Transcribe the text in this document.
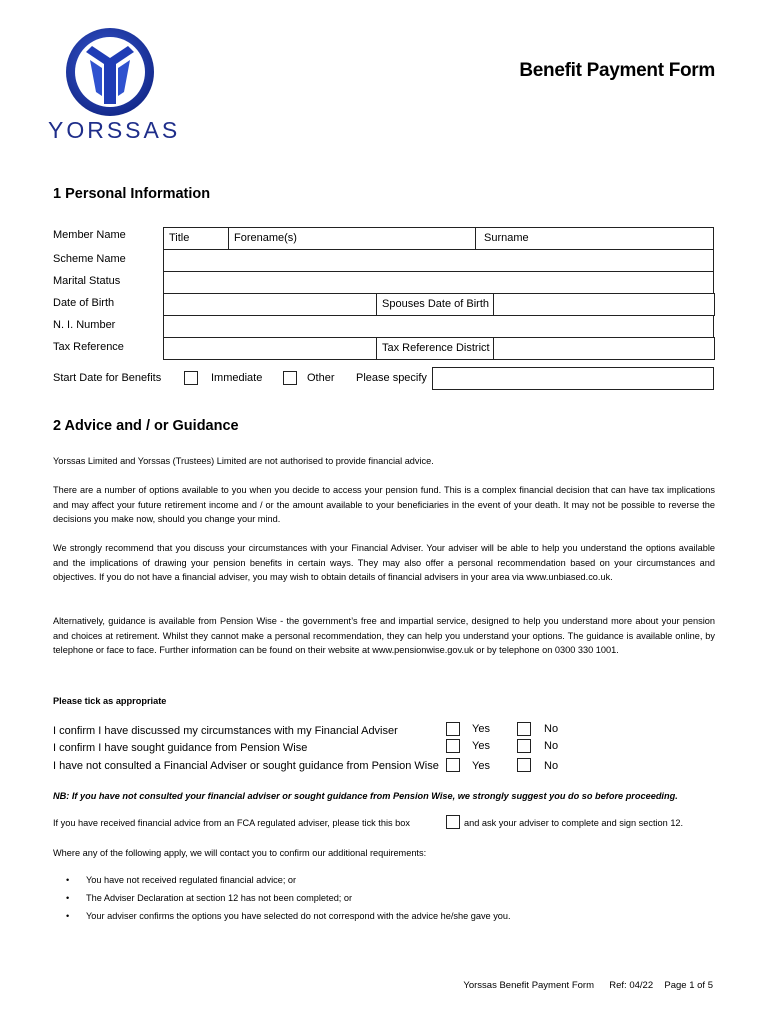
YORSSAS
Benefit Payment Form
1 Personal Information
Member Name	Title	Forename(s)	Surname
Scheme Name
Marital Status
Date of Birth	Spouses Date of Birth
N. I. Number
Tax Reference	Tax Reference District
Start Date for Benefits	Immediate	Other Please specify
2 Advice and / or Guidance
Yorssas Limited and Yorssas (Trustees) Limited are not authorised to provide financial advice.
There are a number of options available to you when you decide to access your pension fund. This is a complex financial decision that can have tax implications and may affect your future retirement income and / or the amount available to your beneficiaries in the event of your death. It may not be possible to reverse the decisions you make now, should you change your mind.
We strongly recommend that you discuss your circumstances with your Financial Adviser. Your adviser will be able to help you understand the options available and the implications of drawing your pension benefits in certain ways. They may also offer a personal recommendation based on your circumstances and objectives. If you do not have a financial adviser, you may wish to obtain details of financial advisers in your area via www.unbiased.co.uk.
Alternatively, guidance is available from Pension Wise - the government’s free and impartial service, designed to help you understand more about your pension and choices at retirement. Whilst they cannot make a personal recommendation, they can help you understand your options. The guidance is available online, by telephone or face to face. Further information can be found on their website at www.pensionwise.gov.uk or by telephone on 0300 330 1001.
Please tick as appropriate
I confirm I have discussed my circumstances with my Financial Adviser	Yes	No
I confirm I have sought guidance from Pension Wise	Yes	No
I have not consulted a Financial Adviser or sought guidance from Pension Wise	Yes	No
NB: If you have not consulted your financial adviser or sought guidance from Pension Wise, we strongly suggest you do so before proceeding.
If you have received financial advice from an FCA regulated adviser, please tick this box	and ask your adviser to complete and sign section 12.
Where any of the following apply, we will contact you to confirm our additional requirements:
• You have not received regulated financial advice; or
• The Adviser Declaration at section 12 has not been completed; or
• Your adviser confirms the options you have selected do not correspond with the advice he/she gave you.
Yorssas Benefit Payment Form Ref: 04/22 Page 1 of 5
